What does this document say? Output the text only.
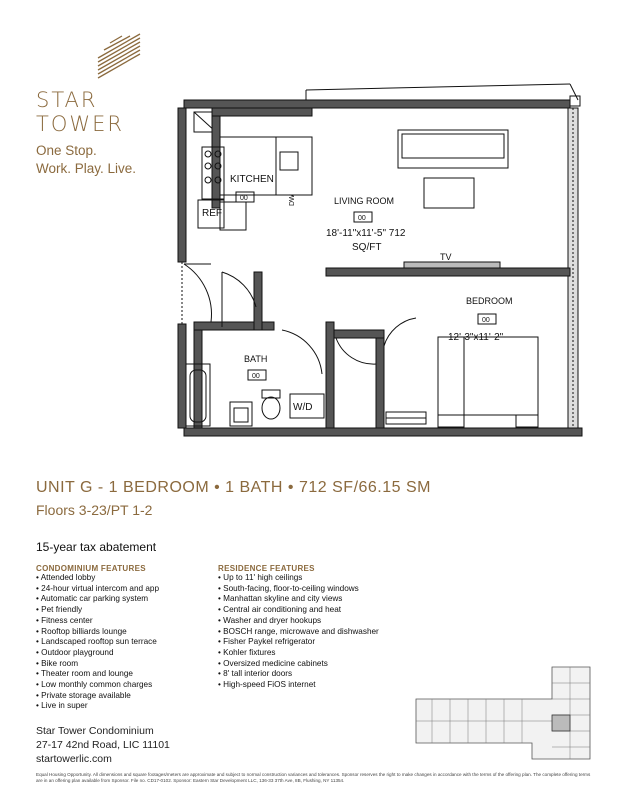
STAR
TOWER
One Stop.
Work. Play. Live.
KITCHEN
00
REF
DW	LIVING ROOM
00
18'-11"x11'-5" 712
SQ/FT
TV
BEDROOM
00
12'-3"x11'-2"
BATH
00
W/D
UNIT G - 1 BEDROOM • 1 BATH • 712 SF/66.15 SM
Floors 3-23/PT 1-2
15-year tax abatement
CONDOMINIUM FEATURES
• Attended lobby
• 24-hour virtual intercom and app
• Automatic car parking system
• Pet friendly
• Fitness center
• Rooftop billiards lounge
• Landscaped rooftop sun terrace
• Outdoor playground
• Bike room
• Theater room and lounge
• Low monthly common charges
• Private storage available
• Live in super
RESIDENCE FEATURES
• Up to 11' high ceilings
• South-facing, floor-to-ceiling windows
• Manhattan skyline and city views
• Central air conditioning and heat
• Washer and dryer hookups
• BOSCH range, microwave and dishwasher
• Fisher Paykel refrigerator
• Kohler fixtures
• Oversized medicine cabinets
• 8' tall interior doors
• High-speed FiOS internet
Star Tower Condominium
27-17 42nd Road, LIC 11101
startowerlic.com
Equal Housing Opportunity. All dimensions and square footages/meters are approximate and subject to normal construction variances and tolerances. Sponsor reserves the right to make changes in accordance with the terms of the offering plan. The complete offering terms are in an offering plan available from Sponsor. File no. CD17-0102. Sponsor: Eastern Star Development LLC, 136-33 37th Ave, 8B, Flushing, NY 11354.
